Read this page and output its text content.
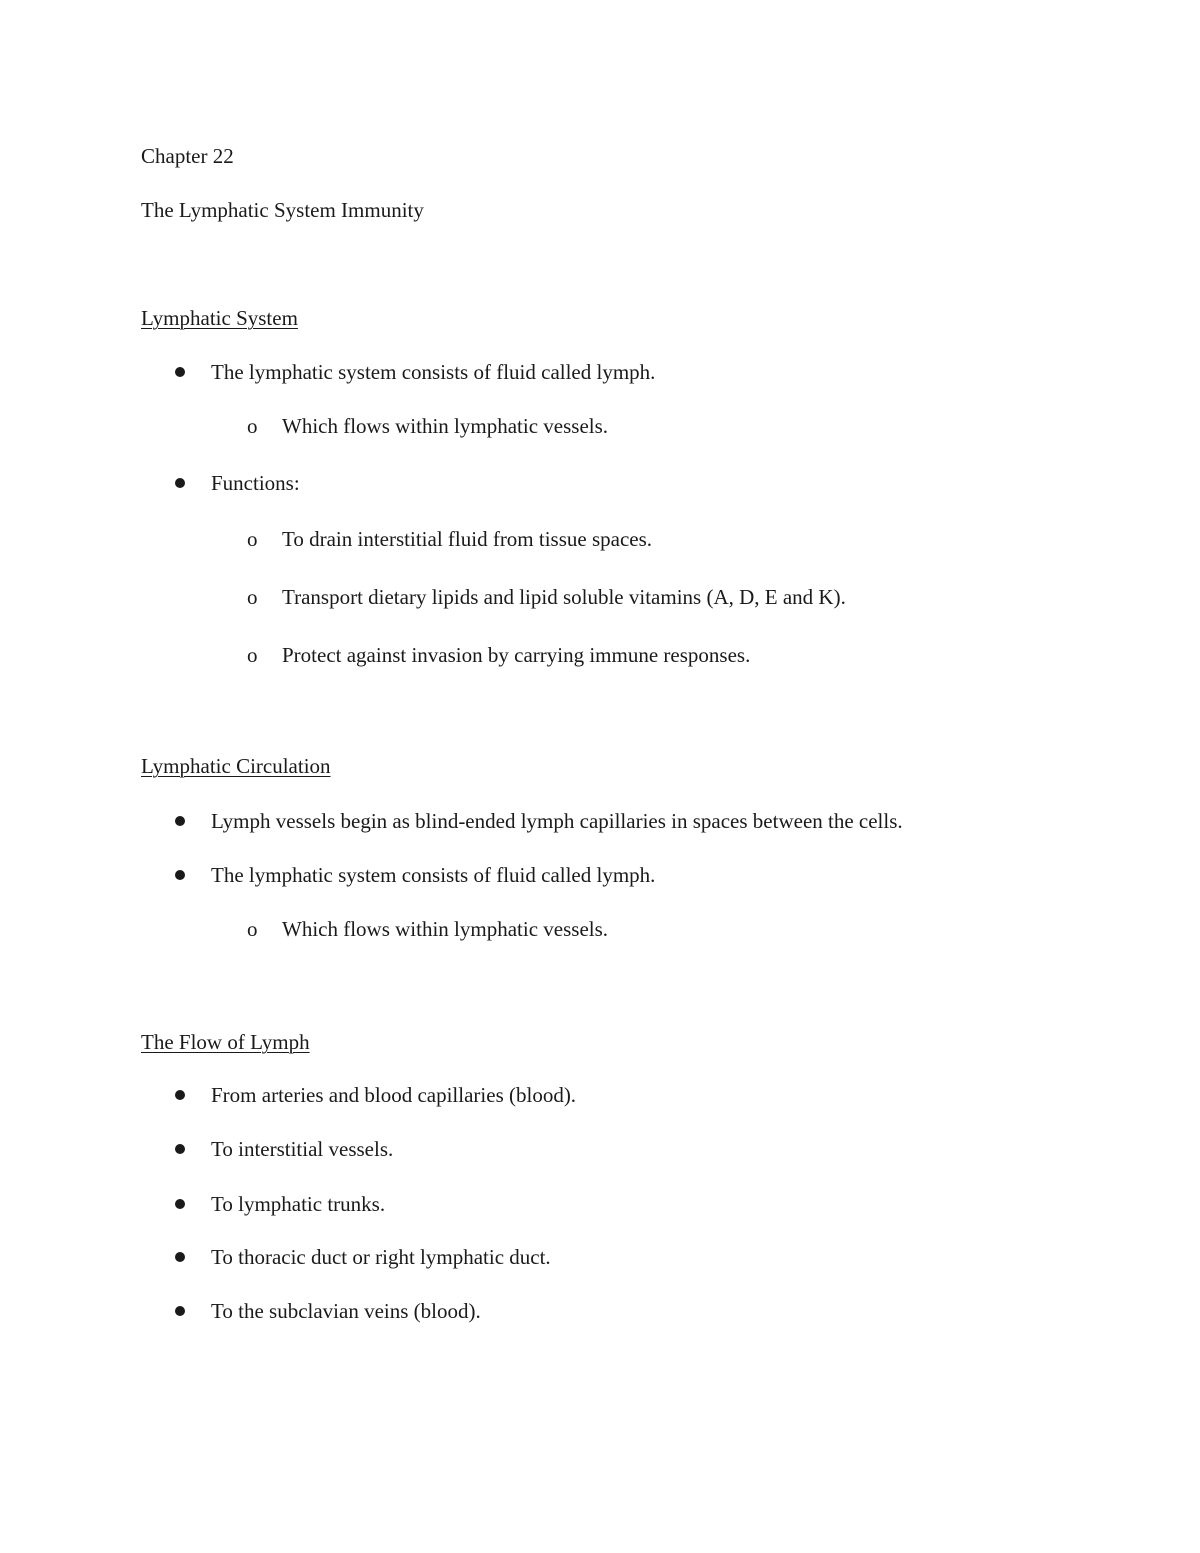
Chapter 22
The Lymphatic System Immunity
Lymphatic System
The lymphatic system consists of fluid called lymph.
o Which flows within lymphatic vessels.
Functions:
o To drain interstitial fluid from tissue spaces.
o Transport dietary lipids and lipid soluble vitamins (A, D, E and K).
o Protect against invasion by carrying immune responses.
Lymphatic Circulation
Lymph vessels begin as blind-ended lymph capillaries in spaces between the cells.
The lymphatic system consists of fluid called lymph.
o Which flows within lymphatic vessels.
The Flow of Lymph
From arteries and blood capillaries (blood).
To interstitial vessels.
To lymphatic trunks.
To thoracic duct or right lymphatic duct.
To the subclavian veins (blood).
